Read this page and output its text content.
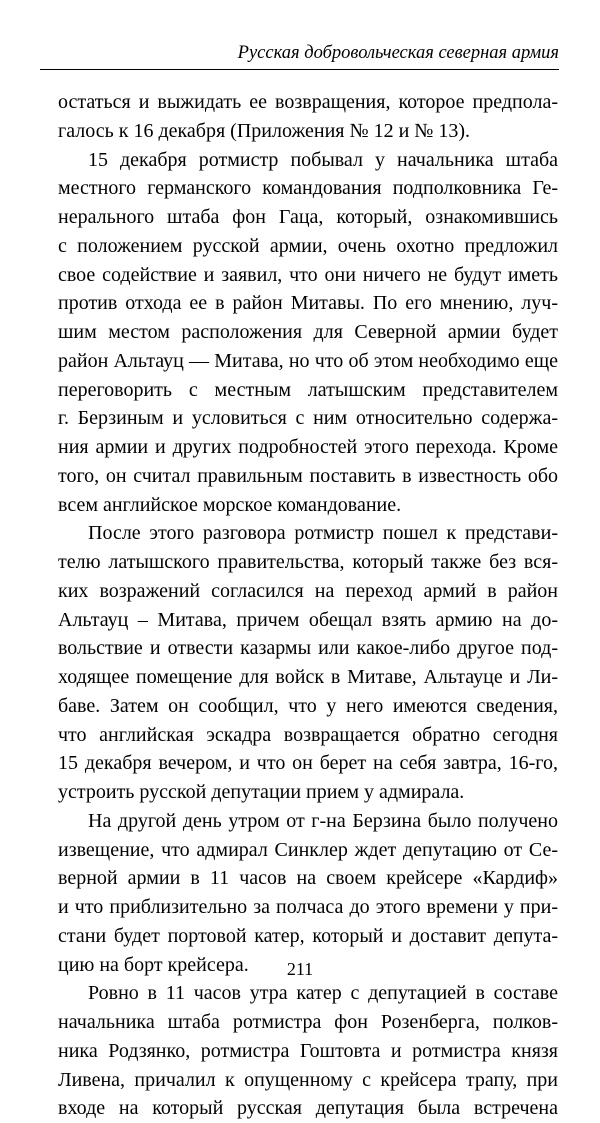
Русская добровольческая северная армия
остаться и выжидать ее возвращения, которое предпола-
галось к 16 декабря (Приложения № 12 и № 13).
15 декабря ротмистр побывал у начальника штаба
местного германского командования подполковника Ге-
нерального штаба фон Гаца, который, ознакомившись
с положением русской армии, очень охотно предложил
свое содействие и заявил, что они ничего не будут иметь
против отхода ее в район Митавы. По его мнению, луч-
шим местом расположения для Северной армии будет
район Альтауц — Митава, но что об этом необходимо еще
переговорить с местным латышским представителем
г. Берзиным и условиться с ним относительно содержа-
ния армии и других подробностей этого перехода. Кроме
того, он считал правильным поставить в известность обо
всем английское морское командование.
После этого разговора ротмистр пошел к представи-
телю латышского правительства, который также без вся-
ких возражений согласился на переход армий в район
Альтауц – Митава, причем обещал взять армию на до-
вольствие и отвести казармы или какое-либо другое под-
ходящее помещение для войск в Митаве, Альтауце и Ли-
баве. Затем он сообщил, что у него имеются сведения,
что английская эскадра возвращается обратно сегодня
15 декабря вечером, и что он берет на себя завтра, 16-го,
устроить русской депутации прием у адмирала.
На другой день утром от г-на Берзина было получено
извещение, что адмирал Синклер ждет депутацию от Се-
верной армии в 11 часов на своем крейсере «Кардиф»
и что приблизительно за полчаса до этого времени у при-
стани будет портовой катер, который и доставит депута-
цию на борт крейсера.
Ровно в 11 часов утра катер с депутацией в составе
начальника штаба ротмистра фон Розенберга, полков-
ника Родзянко, ротмистра Гоштовта и ротмистра князя
Ливена, причалил к опущенному с крейсера трапу, при
входе на который русская депутация была встречена
211
